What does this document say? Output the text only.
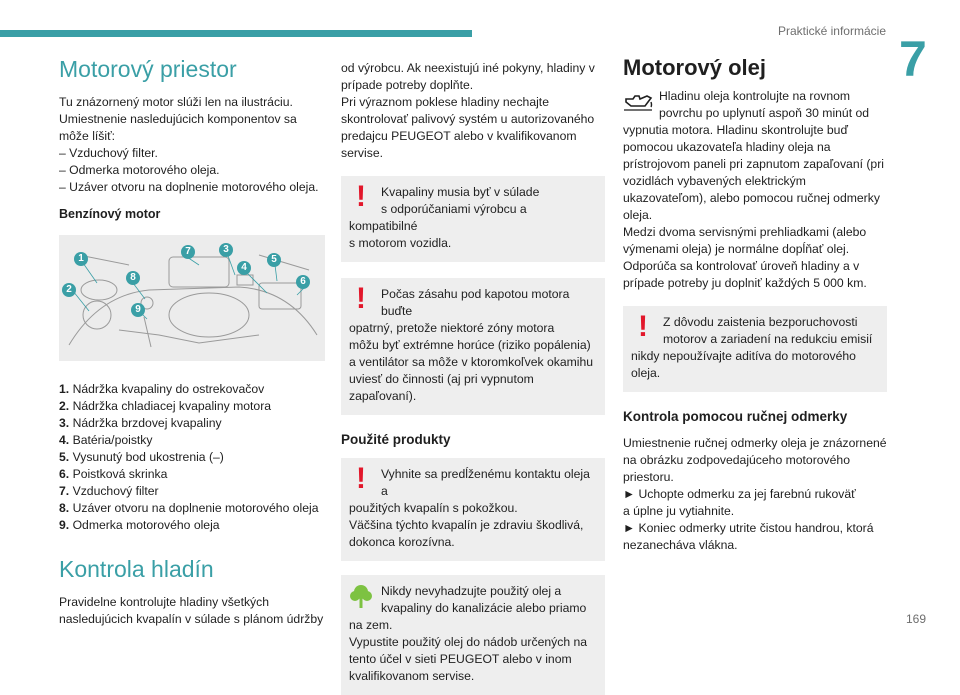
Praktické informácie 7
169
Motorový priestor

Tu znázornený motor slúži len na ilustráciu.
Umiestnenie nasledujúcich komponentov sa
môže líšiť:
– Vzduchový filter.
– Odmerka motorového oleja.
– Uzáver otvoru na doplnenie motorového oleja.

Benzínový motor
1
2
3
4
5
6
7
8
9
1. Nádržka kvapaliny do ostrekovačov
2. Nádržka chladiacej kvapaliny motora
3. Nádržka brzdovej kvapaliny
4. Batéria/poistky
5. Vysunutý bod ukostrenia (–)
6. Poistková skrinka
7. Vzduchový filter
8. Uzáver otvoru na doplnenie motorového oleja
9. Odmerka motorového oleja
Kontrola hladín

Pravidelne kontrolujte hladiny všetkých
nasledujúcich kvapalín v súlade s plánom údržby

od výrobcu. Ak neexistujú iné pokyny, hladiny v
prípade potreby doplňte.
Pri výraznom poklese hladiny nechajte
skontrolovať palivový systém u autorizovaného
predajcu PEUGEOT alebo v kvalifikovanom
servise.

! Kvapaliny musia byť v súlade
s odporúčaniami výrobcu a kompatibilné
s motorom vozidla.
! Počas zásahu pod kapotou motora buďte
opatrný, pretože niektoré zóny motora
môžu byť extrémne horúce (riziko popálenia)
a ventilátor sa môže v ktoromkoľvek okamihu
uviesť do činnosti (aj pri vypnutom
zapaľovaní).
Použité produkty
! Vyhnite sa predĺženému kontaktu oleja a
použitých kvapalín s pokožkou.
Väčšina týchto kvapalín je zdraviu škodlivá,
dokonca korozívna.
Nikdy nevyhadzujte použitý olej a
kvapaliny do kanalizácie alebo priamo
na zem.
Vypustite použitý olej do nádob určených na
tento účel v sieti PEUGEOT alebo v inom
kvalifikovanom servise.
Motorový olej
Hladinu oleja kontrolujte na rovnom
povrchu po uplynutí aspoň 30 minút od
vypnutia motora. Hladinu skontrolujte buď
pomocou ukazovateľa hladiny oleja na
prístrojovom paneli pri zapnutom zapaľovaní (pri
vozidlách vybavených elektrickým
ukazovateľom), alebo pomocou ručnej odmerky
oleja.
Medzi dvoma servisnými prehliadkami (alebo
výmenami oleja) je normálne dopĺňať olej.
Odporúča sa kontrolovať úroveň hladiny a v
prípade potreby ju doplniť každých 5 000 km.
! Z dôvodu zaistenia bezporuchovosti
motorov a zariadení na redukciu emisií
nikdy nepoužívajte aditíva do motorového
oleja.
Kontrola pomocou ručnej odmerky

Umiestnenie ručnej odmerky oleja je znázornené
na obrázku zodpovedajúceho motorového
priestoru.
► Uchopte odmerku za jej farebnú rukoväť
a úplne ju vytiahnite.
► Koniec odmerky utrite čistou handrou, ktorá
nezanecháva vlákna.
